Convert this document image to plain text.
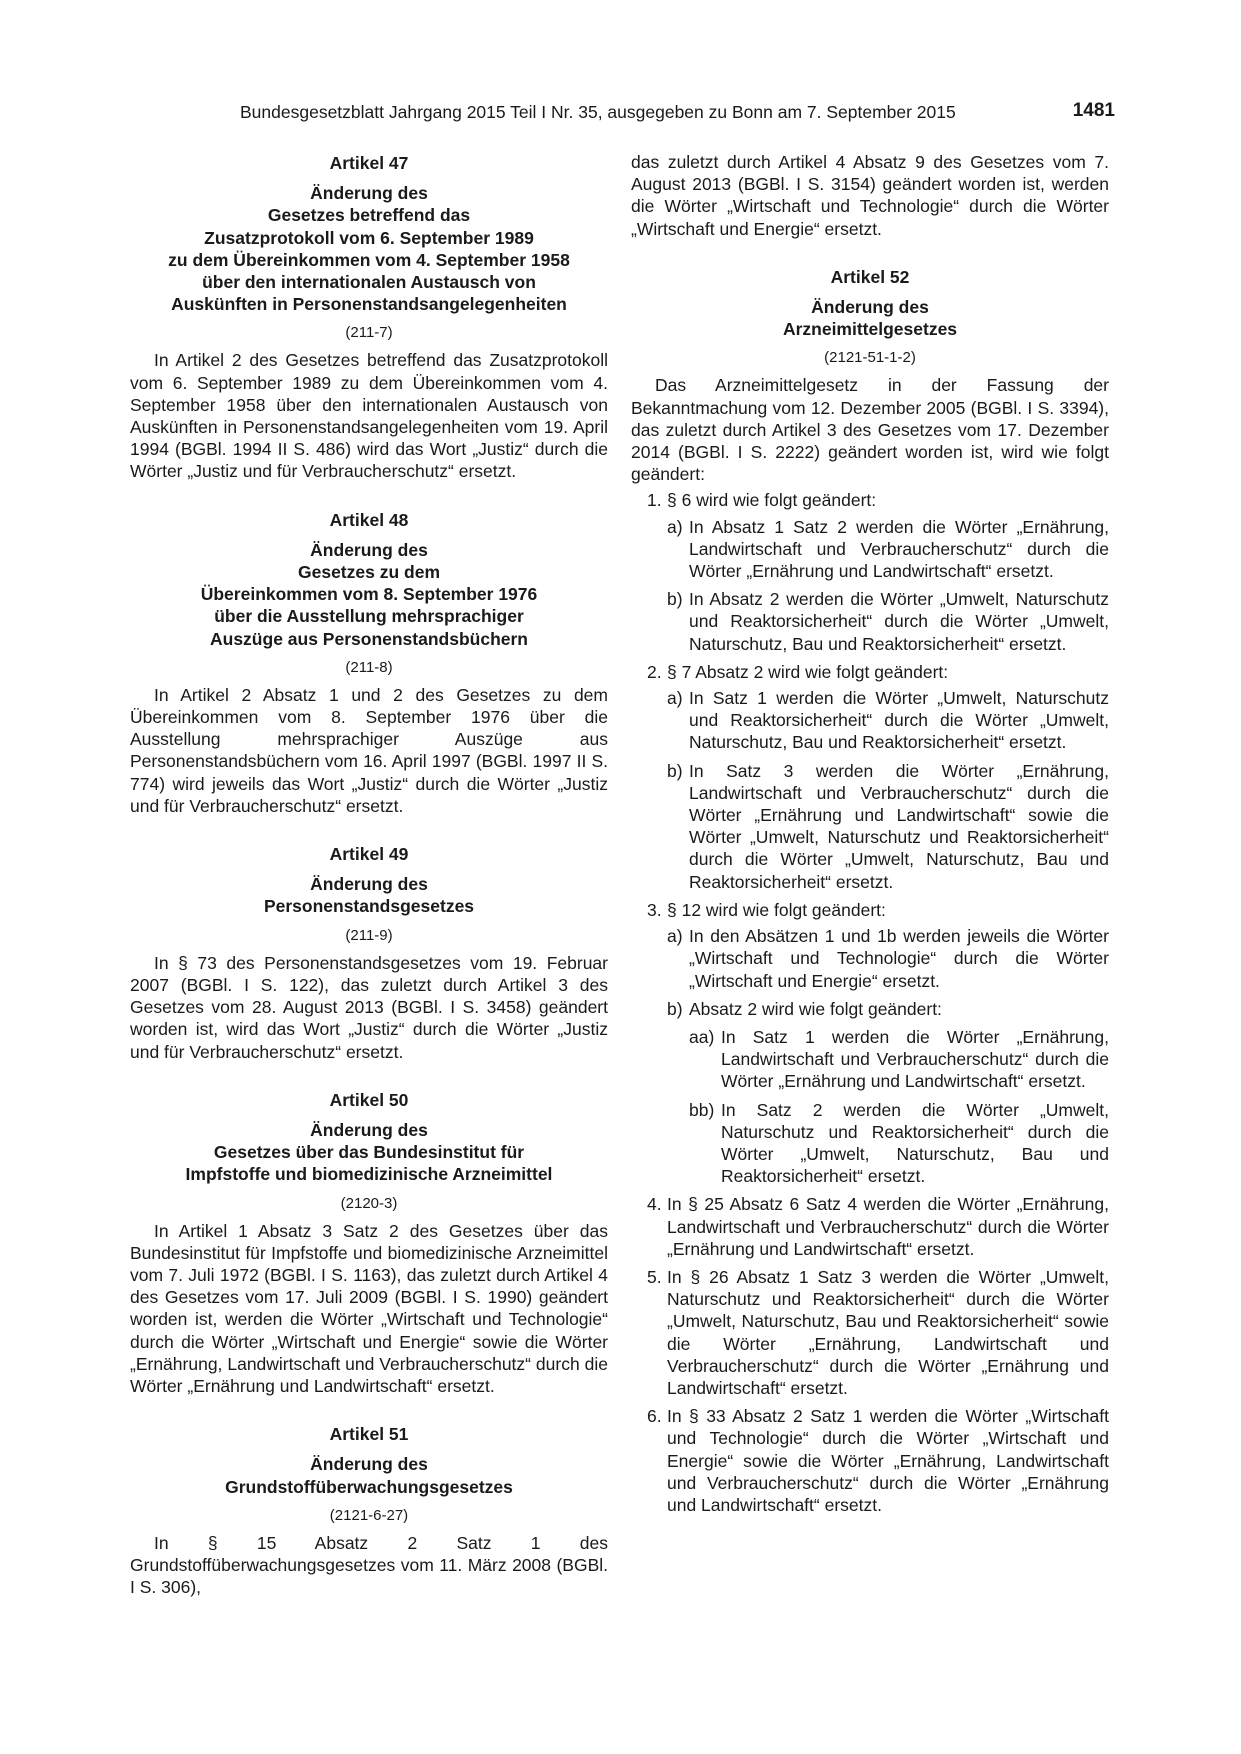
Bundesgesetzblatt Jahrgang 2015 Teil I Nr. 35, ausgegeben zu Bonn am 7. September 2015	1481
Artikel 47
Änderung des
Gesetzes betreffend das
Zusatzprotokoll vom 6. September 1989
zu dem Übereinkommen vom 4. September 1958
über den internationalen Austausch von
Auskünften in Personenstandsangelegenheiten
(211-7)

In Artikel 2 des Gesetzes betreffend das Zusatzprotokoll vom 6. September 1989 zu dem Übereinkommen vom 4. September 1958 über den internationalen Austausch von Auskünften in Personenstandsangelegenheiten vom 19. April 1994 (BGBl. 1994 II S. 486) wird das Wort „Justiz“ durch die Wörter „Justiz und für Verbraucherschutz“ ersetzt.

Artikel 48
Änderung des
Gesetzes zu dem
Übereinkommen vom 8. September 1976
über die Ausstellung mehrsprachiger
Auszüge aus Personenstandsbüchern
(211-8)

In Artikel 2 Absatz 1 und 2 des Gesetzes zu dem Übereinkommen vom 8. September 1976 über die Ausstellung mehrsprachiger Auszüge aus Personenstandsbüchern vom 16. April 1997 (BGBl. 1997 II S. 774) wird jeweils das Wort „Justiz“ durch die Wörter „Justiz und für Verbraucherschutz“ ersetzt.

Artikel 49
Änderung des
Personenstandsgesetzes
(211-9)

In § 73 des Personenstandsgesetzes vom 19. Februar 2007 (BGBl. I S. 122), das zuletzt durch Artikel 3 des Gesetzes vom 28. August 2013 (BGBl. I S. 3458) geändert worden ist, wird das Wort „Justiz“ durch die Wörter „Justiz und für Verbraucherschutz“ ersetzt.

Artikel 50
Änderung des
Gesetzes über das Bundesinstitut für
Impfstoffe und biomedizinische Arzneimittel
(2120-3)

In Artikel 1 Absatz 3 Satz 2 des Gesetzes über das Bundesinstitut für Impfstoffe und biomedizinische Arzneimittel vom 7. Juli 1972 (BGBl. I S. 1163), das zuletzt durch Artikel 4 des Gesetzes vom 17. Juli 2009 (BGBl. I S. 1990) geändert worden ist, werden die Wörter „Wirtschaft und Technologie“ durch die Wörter „Wirtschaft und Energie“ sowie die Wörter „Ernährung, Landwirtschaft und Verbraucherschutz“ durch die Wörter „Ernährung und Landwirtschaft“ ersetzt.

Artikel 51
Änderung des
Grundstoffüberwachungsgesetzes
(2121-6-27)

In § 15 Absatz 2 Satz 1 des Grundstoffüberwachungsgesetzes vom 11. März 2008 (BGBl. I S. 306),

das zuletzt durch Artikel 4 Absatz 9 des Gesetzes vom 7. August 2013 (BGBl. I S. 3154) geändert worden ist, werden die Wörter „Wirtschaft und Technologie“ durch die Wörter „Wirtschaft und Energie“ ersetzt.

Artikel 52
Änderung des
Arzneimittelgesetzes
(2121-51-1-2)

Das Arzneimittelgesetz in der Fassung der Bekanntmachung vom 12. Dezember 2005 (BGBl. I S. 3394), das zuletzt durch Artikel 3 des Gesetzes vom 17. Dezember 2014 (BGBl. I S. 2222) geändert worden ist, wird wie folgt geändert:

1. § 6 wird wie folgt geändert:
a) In Absatz 1 Satz 2 werden die Wörter „Ernährung, Landwirtschaft und Verbraucherschutz“ durch die Wörter „Ernährung und Landwirtschaft“ ersetzt.
b) In Absatz 2 werden die Wörter „Umwelt, Naturschutz und Reaktorsicherheit“ durch die Wörter „Umwelt, Naturschutz, Bau und Reaktorsicherheit“ ersetzt.
2. § 7 Absatz 2 wird wie folgt geändert:
a) In Satz 1 werden die Wörter „Umwelt, Naturschutz und Reaktorsicherheit“ durch die Wörter „Umwelt, Naturschutz, Bau und Reaktorsicherheit“ ersetzt.
b) In Satz 3 werden die Wörter „Ernährung, Landwirtschaft und Verbraucherschutz“ durch die Wörter „Ernährung und Landwirtschaft“ sowie die Wörter „Umwelt, Naturschutz und Reaktorsicherheit“ durch die Wörter „Umwelt, Naturschutz, Bau und Reaktorsicherheit“ ersetzt.
3. § 12 wird wie folgt geändert:
a) In den Absätzen 1 und 1b werden jeweils die Wörter „Wirtschaft und Technologie“ durch die Wörter „Wirtschaft und Energie“ ersetzt.
b) Absatz 2 wird wie folgt geändert:
aa) In Satz 1 werden die Wörter „Ernährung, Landwirtschaft und Verbraucherschutz“ durch die Wörter „Ernährung und Landwirtschaft“ ersetzt.
bb) In Satz 2 werden die Wörter „Umwelt, Naturschutz und Reaktorsicherheit“ durch die Wörter „Umwelt, Naturschutz, Bau und Reaktorsicherheit“ ersetzt.
4. In § 25 Absatz 6 Satz 4 werden die Wörter „Ernährung, Landwirtschaft und Verbraucherschutz“ durch die Wörter „Ernährung und Landwirtschaft“ ersetzt.
5. In § 26 Absatz 1 Satz 3 werden die Wörter „Umwelt, Naturschutz und Reaktorsicherheit“ durch die Wörter „Umwelt, Naturschutz, Bau und Reaktorsicherheit“ sowie die Wörter „Ernährung, Landwirtschaft und Verbraucherschutz“ durch die Wörter „Ernährung und Landwirtschaft“ ersetzt.
6. In § 33 Absatz 2 Satz 1 werden die Wörter „Wirtschaft und Technologie“ durch die Wörter „Wirtschaft und Energie“ sowie die Wörter „Ernährung, Landwirtschaft und Verbraucherschutz“ durch die Wörter „Ernährung und Landwirtschaft“ ersetzt.
